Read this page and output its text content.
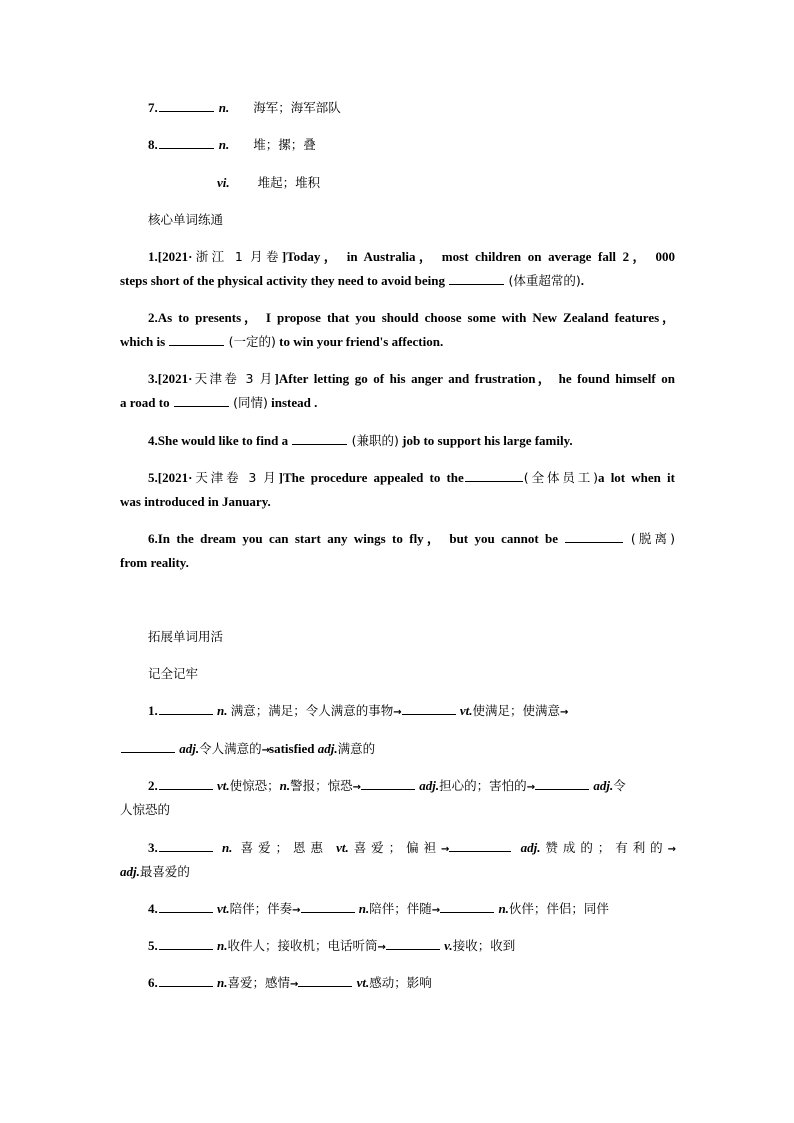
7.	n. 海军；海军部队
8.	n. 堆；摞；叠
vi. 堆起；堆积
核心单词练通
1.[2021·浙江 1 月卷]Today， in Australia， most children on average fall 2， 000
steps short of the physical activity they need to avoid being	(体重超常的).
2.As to presents， I propose that you should choose some with New Zealand features，
which is	(一定的) to win your friend's affection.
3.[2021·天津卷 3 月]After letting go of his anger and frustration， he found himself on
a road to	(同情) instead .
4.She would like to find a	(兼职的) job to support his large family.
5.[2021·天津卷 3 月]The procedure appealed to the	(全体员工)a lot when it
was introduced in January.
6.In the dream you can start any wings to fly， but you cannot be	(脱离)
from reality.
拓展单词用活
记全记牢
1.	n. 满意；满足；令人满意的事物→	vt.使满足；使满意→
adj.令人满意的→satisfied adj.满意的
2.	vt.使惊恐；n.警报；惊恐→	adj.担心的；害怕的→	adj.令
人惊恐的
3.	n. 喜爱；恩惠 vt.喜爱；偏袒→	adj.赞成的；有利的→
adj.最喜爱的
4.	vt.陪伴；伴奏→	n.陪伴；伴随→	n.伙伴；伴侣；同伴
5.	n.收件人；接收机；电话听筒→	v.接收；收到
6.	n.喜爱；感情→	vt.感动；影响
